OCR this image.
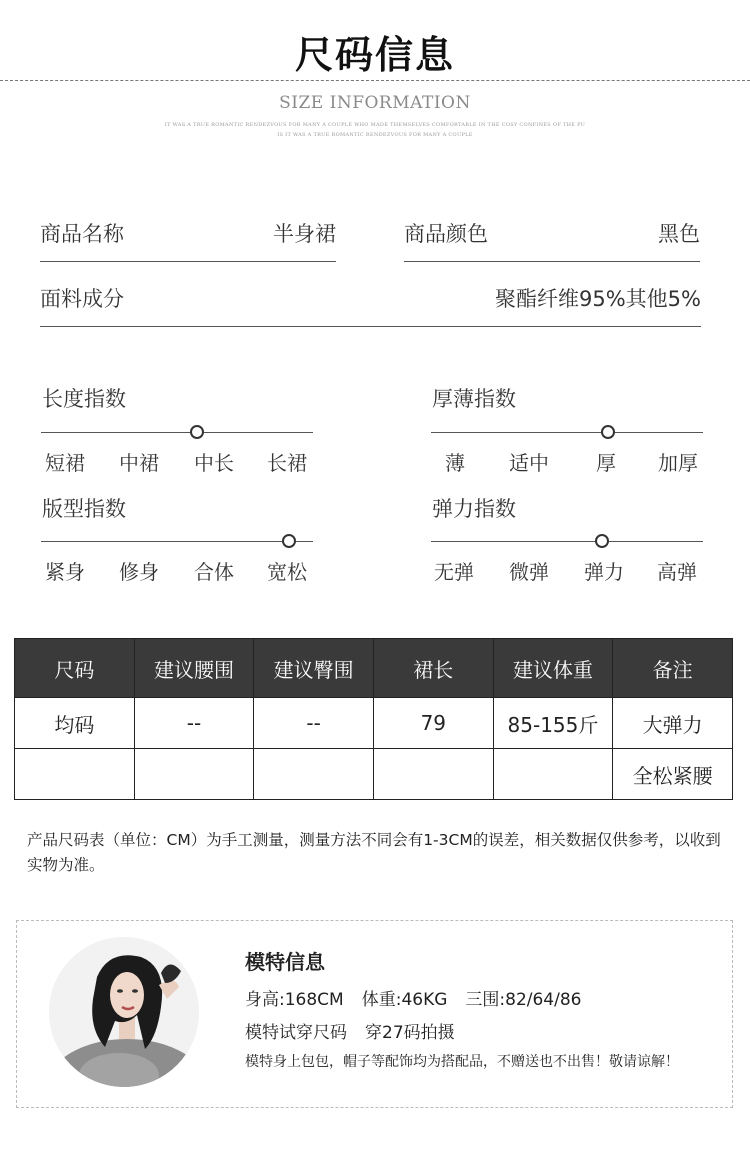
尺码信息
SIZE INFORMATION
IT WAS A TRUE ROMANTIC RENDEZVOUS FOR MANY A COUPLE WHO MADE THEMSELVES COMFORTABLE IN THE COSY CONFINES OF THE PU
IS IT WAS A TRUE ROMANTIC RENDEZVOUS FOR MANY A COUPLE
商品名称	半身裙	商品颜色	黑色
面料成分	聚酯纤维95%其他5%
长度指数
短裙 中裙 中长 长裙
厚薄指数
薄 适中 厚 加厚
版型指数
紧身 修身 合体 宽松
弹力指数
无弹 微弹 弹力 高弹
尺码	建议腰围	建议臀围	裙长	建议体重	备注
均码	--	--	79	85-155斤	大弹力
					全松紧腰
产品尺码表（单位：CM）为手工测量，测量方法不同会有1-3CM的误差，相关数据仅供参考，以收到实物为准。
模特信息
身高:168CM 体重:46KG 三围:82/64/86
模特试穿尺码 穿27码拍摄
模特身上包包，帽子等配饰均为搭配品，不赠送也不出售！敬请谅解！
